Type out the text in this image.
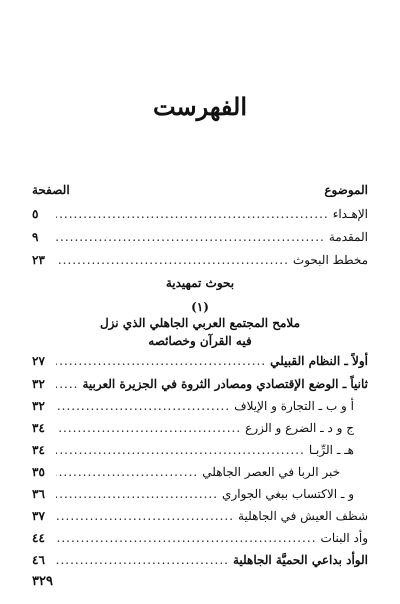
الفهرست
الموضوع
الصفحة
الإهـداء
.....
٥
المقدمة
.....
٩
مخطط البحوث
.....
٢٣
بحوث تمهيدية
(١)
ملامح المجتمع العربي الجاهلي الذي نزل
فيه القرآن وخصائصه
أولاً ـ النظام القبيلي
.....
٢٧
ثانياً ـ الوضع الإقتصادي ومصادر الثروة في الجزيرة العربية
.....
٣٢
أ و ب ـ التجارة و الإيلاف
.....
٣٢
ج و د ـ الضرع و الزرع
.....
٣٤
هـ ـ الرِّبـا
.....
٣٤
خبر الربا في العصر الجاهلي
.....
٣٥
و ـ الاكتساب ببغي الجواري
.....
٣٦
شظف العيش في الجاهلية
.....
٣٧
وأد البنات
.....
٤٤
الوأد بداعي الحميَّة الجاهلية
.....
٤٦
٣٢٩
